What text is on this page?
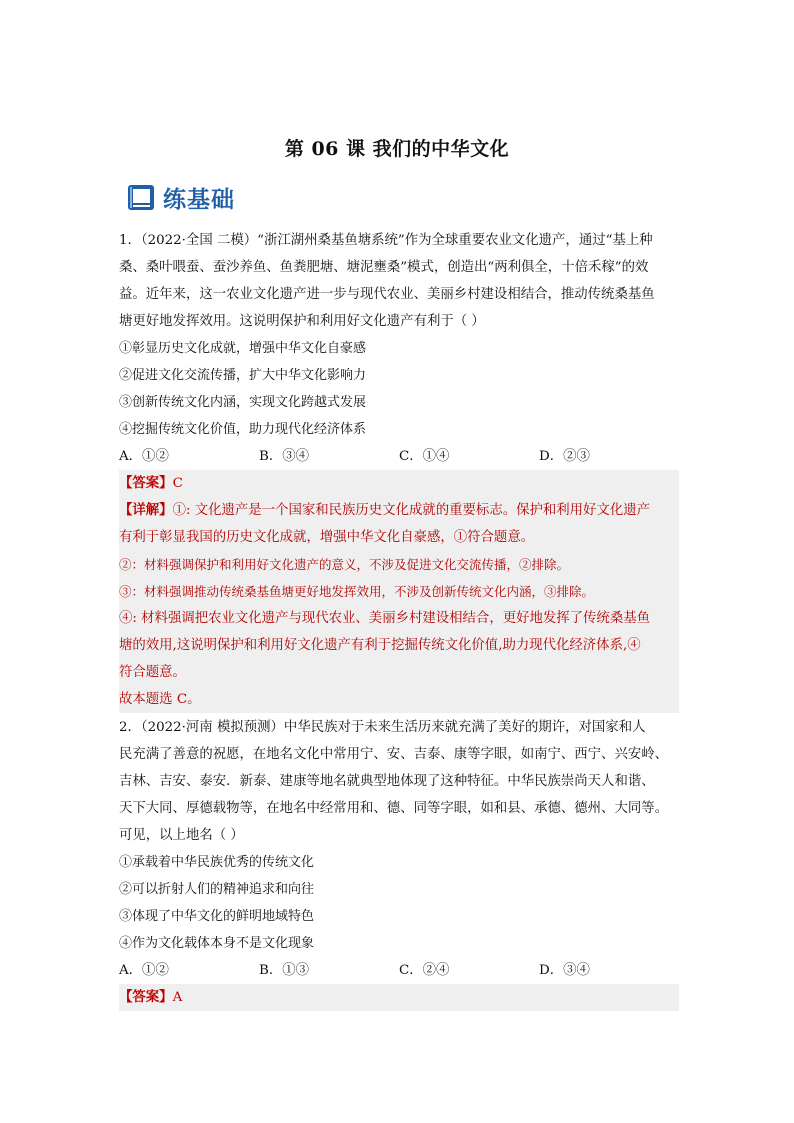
第 06 课 我们的中华文化
练基础
1．（2022·全国 二模）“浙江湖州桑基鱼塘系统”作为全球重要农业文化遗产，通过“基上种
桑、桑叶喂蚕、蚕沙养鱼、鱼粪肥塘、塘泥壅桑”模式，创造出“两利俱全，十倍禾稼”的效
益。近年来，这一农业文化遗产进一步与现代农业、美丽乡村建设相结合，推动传统桑基鱼
塘更好地发挥效用。这说明保护和利用好文化遗产有利于（ ）
①彰显历史文化成就，增强中华文化自豪感
②促进文化交流传播，扩大中华文化影响力
③创新传统文化内涵，实现文化跨越式发展
④挖掘传统文化价值，助力现代化经济体系
A．①②	B．③④	C．①④	D．②③
【答案】C
【详解】①: 文化遗产是一个国家和民族历史文化成就的重要标志。保护和利用好文化遗产
有利于彰显我国的历史文化成就，增强中华文化自豪感，①符合题意。
②：材料强调保护和利用好文化遗产的意义，不涉及促进文化交流传播，②排除。
③：材料强调推动传统桑基鱼塘更好地发挥效用，不涉及创新传统文化内涵，③排除。
④: 材料强调把农业文化遗产与现代农业、美丽乡村建设相结合，更好地发挥了传统桑基鱼
塘的效用,这说明保护和利用好文化遗产有利于挖掘传统文化价值,助力现代化经济体系,④
符合题意。
故本题选 C。
2．（2022·河南 模拟预测）中华民族对于未来生活历来就充满了美好的期许，对国家和人
民充满了善意的祝愿，在地名文化中常用宁、安、吉泰、康等字眼，如南宁、西宁、兴安岭、
吉林、吉安、泰安．新泰、建康等地名就典型地体现了这种特征。中华民族崇尚天人和谐、
天下大同、厚德载物等，在地名中经常用和、德、同等字眼，如和县、承德、德州、大同等。
可见，以上地名（ ）
①承载着中华民族优秀的传统文化
②可以折射人们的精神追求和向往
③体现了中华文化的鲜明地域特色
④作为文化载体本身不是文化现象
A．①②	B．①③	C．②④	D．③④
【答案】A
